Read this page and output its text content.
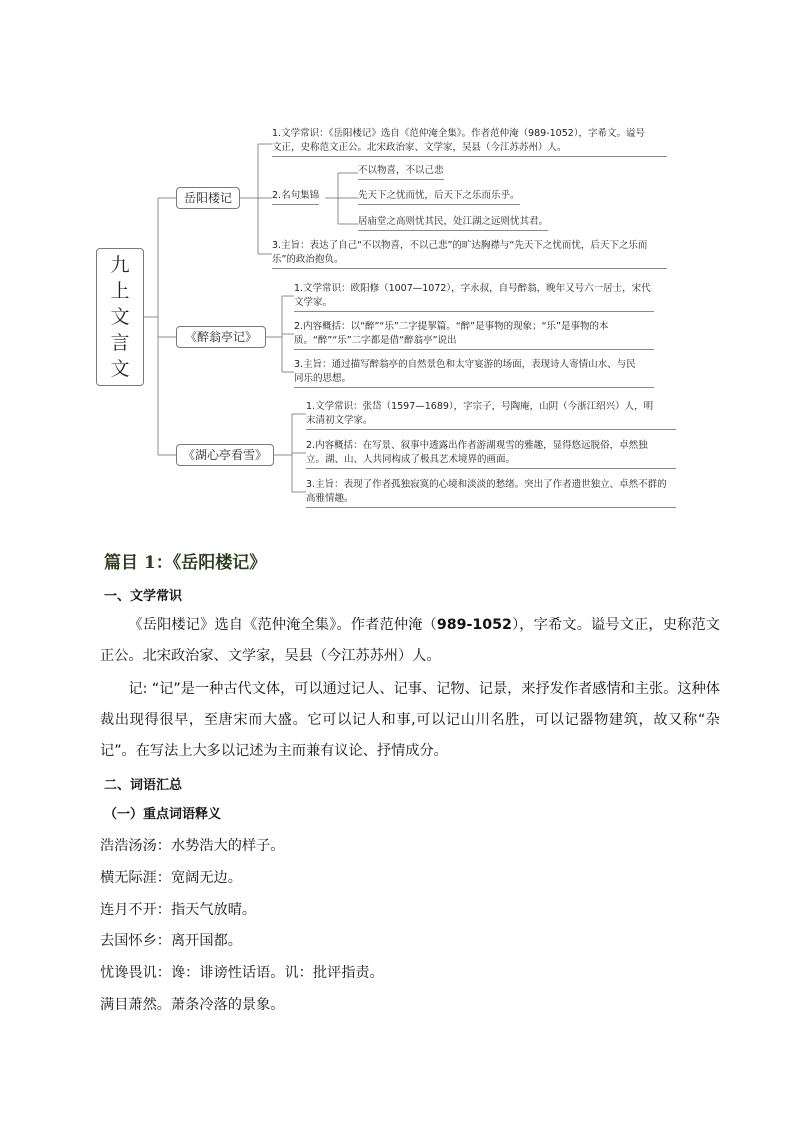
九
上
文
言
文
岳阳楼记
1.文学常识：《岳阳楼记》选自《范仲淹全集》。作者范仲淹（989-1052），字希文。谥号
文正，史称范文正公。北宋政治家、文学家，吴县（今江苏苏州）人。
2.名句集锦
不以物喜，不以己悲
先天下之忧而忧，后天下之乐而乐乎。
居庙堂之高则忧其民，处江湖之远则忧其君。
3.主旨：表达了自己“不以物喜，不以己悲”的旷达胸襟与“先天下之忧而忧，后天下之乐而
乐”的政治抱负。
《醉翁亭记》
1.文学常识：欧阳修（1007—1072），字永叔，自号醉翁，晚年又号六一居士，宋代
文学家。
2.内容概括：以“醉”“乐”二字提挈篇。“醉”是事物的现象；“乐”是事物的本
质。“醉”“乐”二字都是借“醉翁亭”说出
3.主旨：通过描写醉翁亭的自然景色和太守宴游的场面，表现诗人寄情山水、与民
同乐的思想。
《湖心亭看雪》
1.文学常识：张岱（1597—1689），字宗子，号陶庵，山阴（今浙江绍兴）人，明
末清初文学家。
2.内容概括：在写景、叙事中透露出作者游湖观雪的雅趣，显得悠远脱俗，卓然独
立。湖、山、人共同构成了极具艺术境界的画面。
3.主旨：表现了作者孤独寂寞的心境和淡淡的愁绪。突出了作者遗世独立、卓然不群的
高雅情趣。
篇目 1：《岳阳楼记》
一、文学常识

《岳阳楼记》选自《范仲淹全集》。作者范仲淹（989-1052），字希文。谥号文正，史称范文正公。北宋政治家、文学家，吴县（今江苏苏州）人。

记: “记”是一种古代文体，可以通过记人、记事、记物、记景，来抒发作者感情和主张。这种体裁出现得很早，至唐宋而大盛。它可以记人和事,可以记山川名胜，可以记器物建筑，故又称“杂记”。在写法上大多以记述为主而兼有议论、抒情成分。

二、词语汇总
（一）重点词语释义

浩浩汤汤：水势浩大的样子。

横无际涯：宽阔无边。

连月不开：指天气放晴。

去国怀乡：离开国都。

忧谗畏讥：谗：诽谤性话语。讥：批评指责。

满目萧然。萧条冷落的景象。
